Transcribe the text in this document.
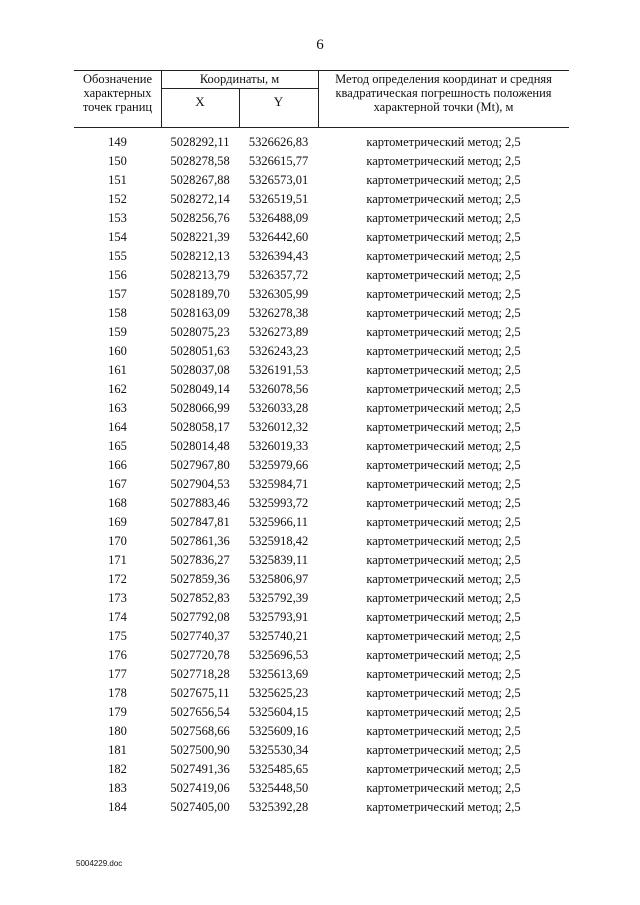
6
Обозначение характерных точек границ
Координаты, м
X	Y
Метод определения координат и средняя квадратическая погрешность положения характерной точки (Mt), м
149	5028292,11	5326626,83	картометрический метод; 2,5
150	5028278,58	5326615,77	картометрический метод; 2,5
151	5028267,88	5326573,01	картометрический метод; 2,5
152	5028272,14	5326519,51	картометрический метод; 2,5
153	5028256,76	5326488,09	картометрический метод; 2,5
154	5028221,39	5326442,60	картометрический метод; 2,5
155	5028212,13	5326394,43	картометрический метод; 2,5
156	5028213,79	5326357,72	картометрический метод; 2,5
157	5028189,70	5326305,99	картометрический метод; 2,5
158	5028163,09	5326278,38	картометрический метод; 2,5
159	5028075,23	5326273,89	картометрический метод; 2,5
160	5028051,63	5326243,23	картометрический метод; 2,5
161	5028037,08	5326191,53	картометрический метод; 2,5
162	5028049,14	5326078,56	картометрический метод; 2,5
163	5028066,99	5326033,28	картометрический метод; 2,5
164	5028058,17	5326012,32	картометрический метод; 2,5
165	5028014,48	5326019,33	картометрический метод; 2,5
166	5027967,80	5325979,66	картометрический метод; 2,5
167	5027904,53	5325984,71	картометрический метод; 2,5
168	5027883,46	5325993,72	картометрический метод; 2,5
169	5027847,81	5325966,11	картометрический метод; 2,5
170	5027861,36	5325918,42	картометрический метод; 2,5
171	5027836,27	5325839,11	картометрический метод; 2,5
172	5027859,36	5325806,97	картометрический метод; 2,5
173	5027852,83	5325792,39	картометрический метод; 2,5
174	5027792,08	5325793,91	картометрический метод; 2,5
175	5027740,37	5325740,21	картометрический метод; 2,5
176	5027720,78	5325696,53	картометрический метод; 2,5
177	5027718,28	5325613,69	картометрический метод; 2,5
178	5027675,11	5325625,23	картометрический метод; 2,5
179	5027656,54	5325604,15	картометрический метод; 2,5
180	5027568,66	5325609,16	картометрический метод; 2,5
181	5027500,90	5325530,34	картометрический метод; 2,5
182	5027491,36	5325485,65	картометрический метод; 2,5
183	5027419,06	5325448,50	картометрический метод; 2,5
184	5027405,00	5325392,28	картометрический метод; 2,5
5004229.doc
